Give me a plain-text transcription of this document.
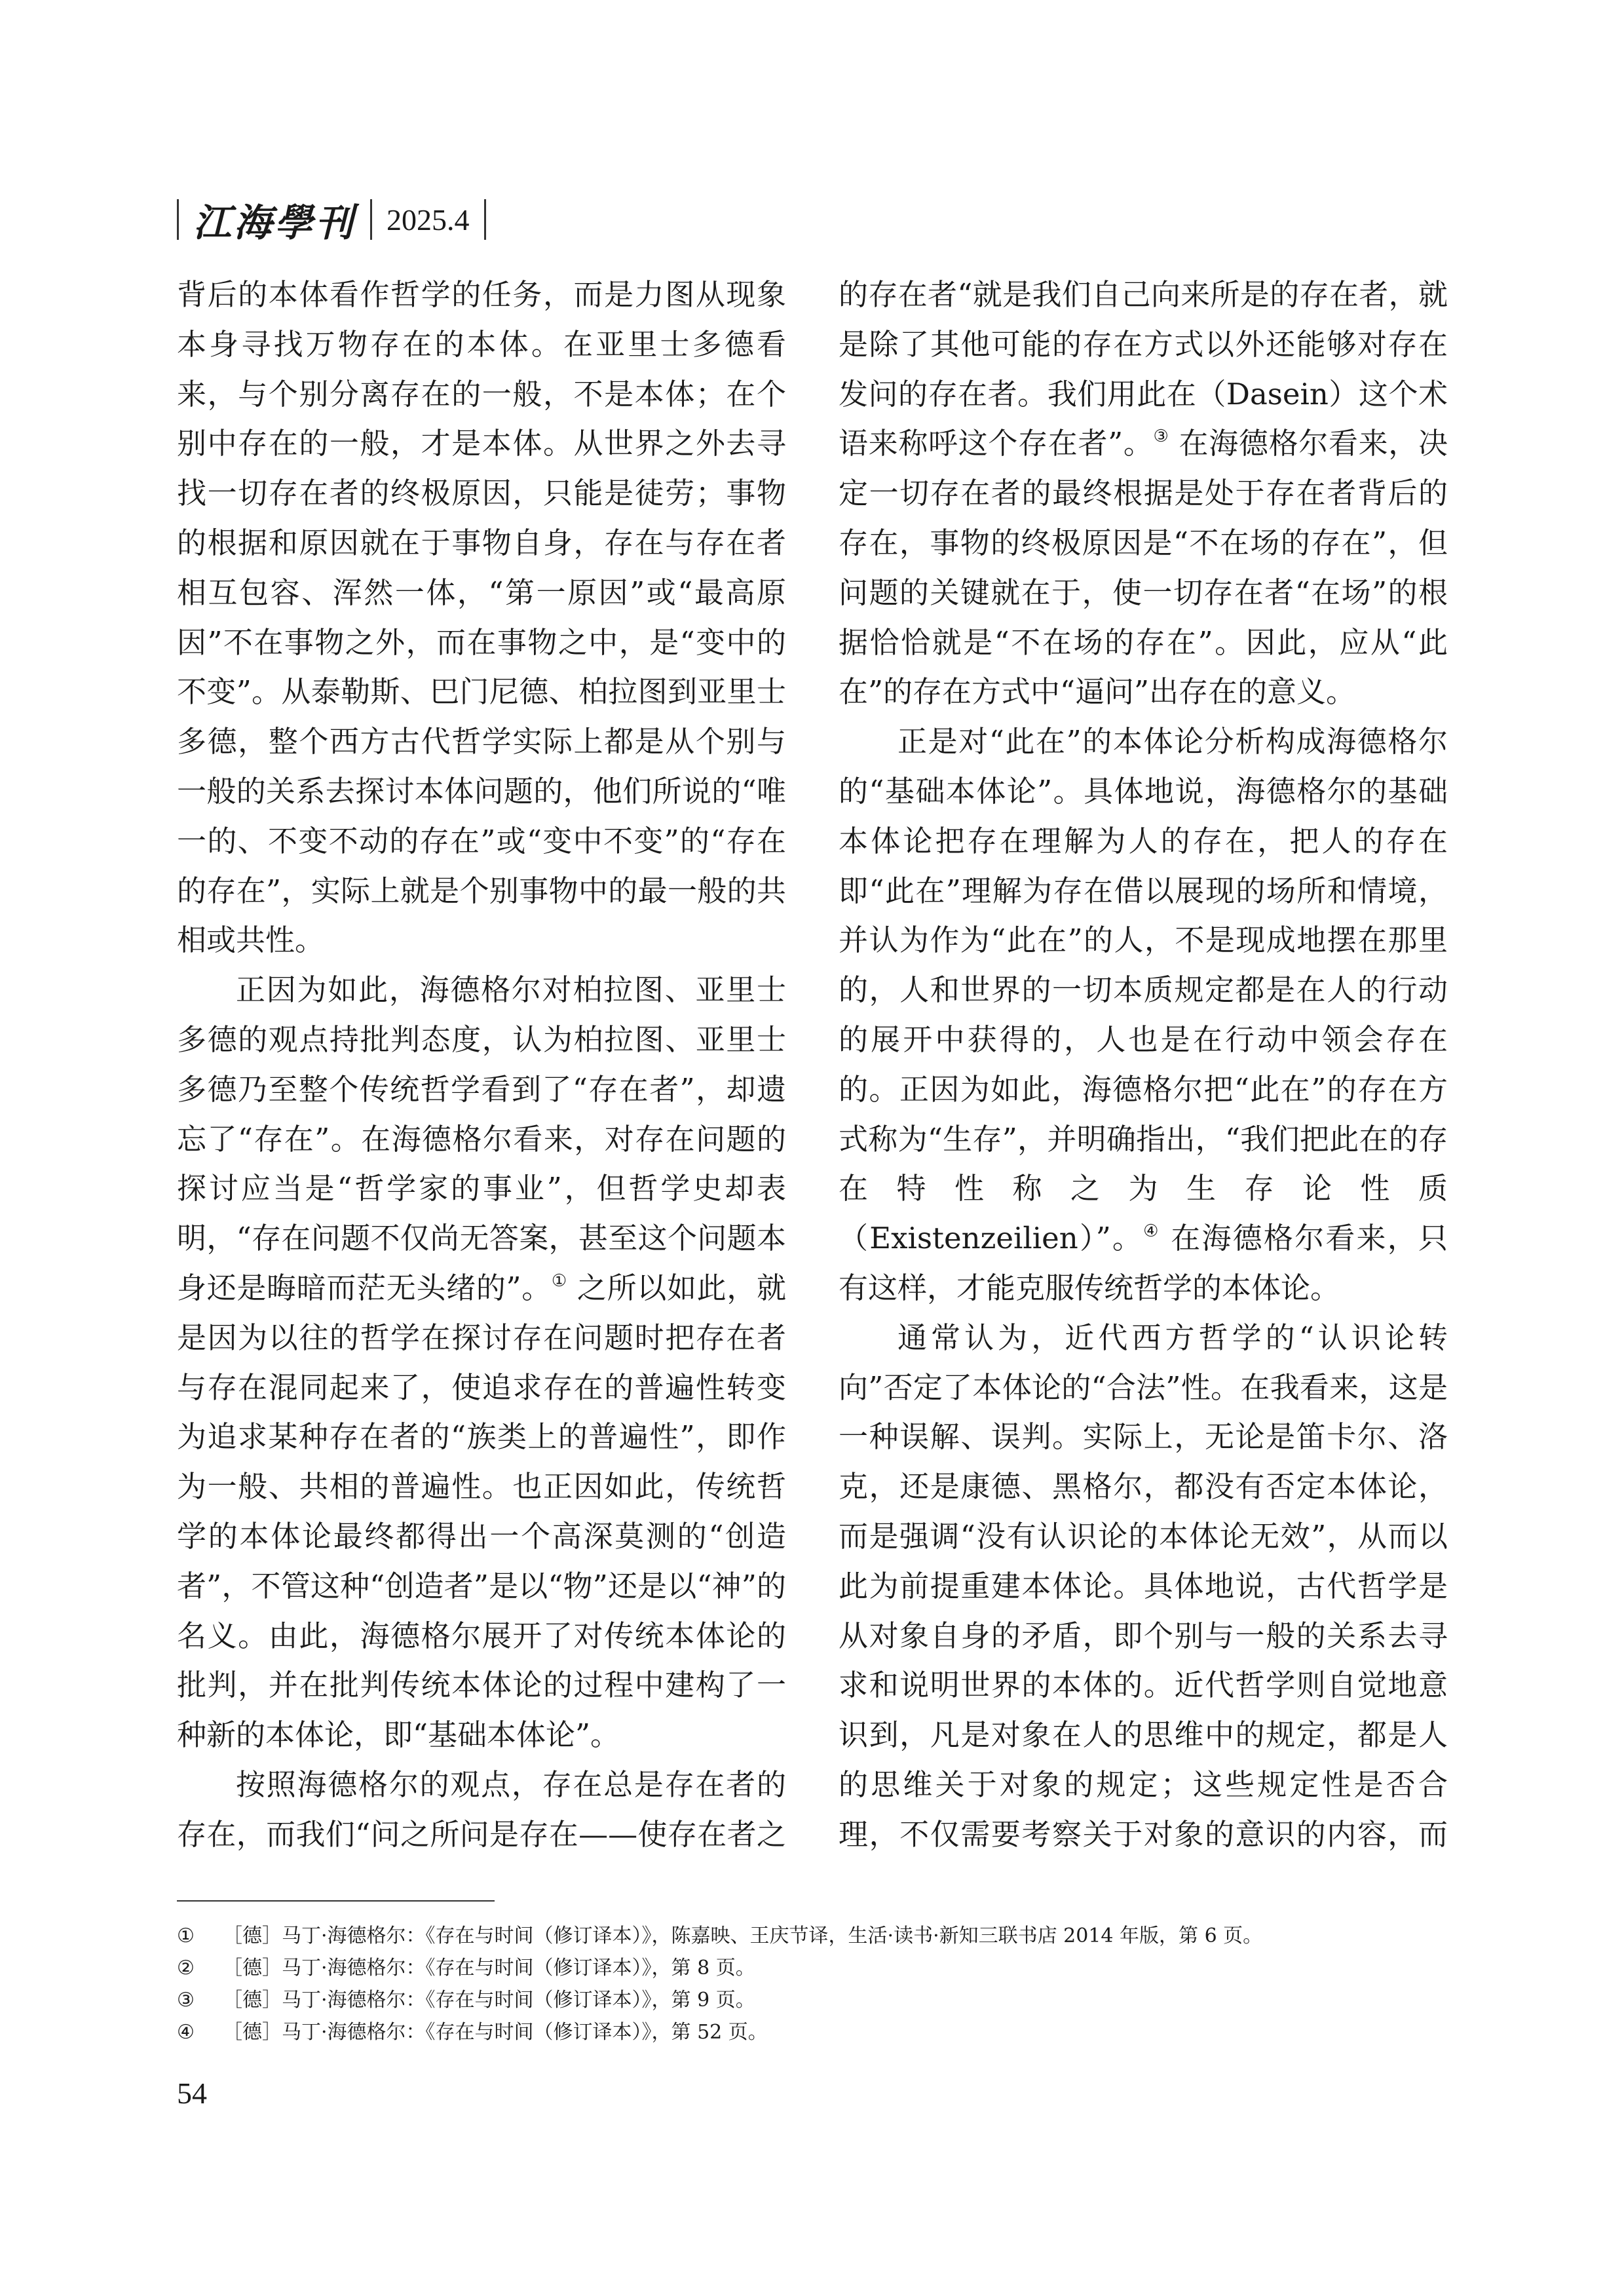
江海學刊 2025.4

背后的本体看作哲学的任务，而是力图从现象本身寻找万物存在的本体。在亚里士多德看来，与个别分离存在的一般，不是本体；在个别中存在的一般，才是本体。从世界之外去寻找一切存在者的终极原因，只能是徒劳；事物的根据和原因就在于事物自身，存在与存在者相互包容、浑然一体，“第一原因”或“最高原因”不在事物之外，而在事物之中，是“变中的不变”。从泰勒斯、巴门尼德、柏拉图到亚里士多德，整个西方古代哲学实际上都是从个别与一般的关系去探讨本体问题的，他们所说的“唯一的、不变不动的存在”或“变中不变”的“存在的存在”，实际上就是个别事物中的最一般的共相或共性。

正因为如此，海德格尔对柏拉图、亚里士多德的观点持批判态度，认为柏拉图、亚里士多德乃至整个传统哲学看到了“存在者”，却遗忘了“存在”。在海德格尔看来，对存在问题的探讨应当是“哲学家的事业”，但哲学史却表明，“存在问题不仅尚无答案，甚至这个问题本身还是晦暗而茫无头绪的”。① 之所以如此，就是因为以往的哲学在探讨存在问题时把存在者与存在混同起来了，使追求存在的普遍性转变为追求某种存在者的“族类上的普遍性”，即作为一般、共相的普遍性。也正因如此，传统哲学的本体论最终都得出一个高深莫测的“创造者”，不管这种“创造者”是以“物”还是以“神”的名义。由此，海德格尔展开了对传统本体论的批判，并在批判传统本体论的过程中建构了一种新的本体论，即“基础本体论”。

按照海德格尔的观点，存在总是存在者的存在，而我们“问之所问是存在——使存在者之

的存在者“就是我们自己向来所是的存在者，就是除了其他可能的存在方式以外还能够对存在发问的存在者。我们用此在（Dasein）这个术语来称呼这个存在者”。③ 在海德格尔看来，决定一切存在者的最终根据是处于存在者背后的存在，事物的终极原因是“不在场的存在”，但问题的关键就在于，使一切存在者“在场”的根据恰恰就是“不在场的存在”。因此，应从“此在”的存在方式中“逼问”出存在的意义。

正是对“此在”的本体论分析构成海德格尔的“基础本体论”。具体地说，海德格尔的基础本体论把存在理解为人的存在，把人的存在即“此在”理解为存在借以展现的场所和情境，并认为作为“此在”的人，不是现成地摆在那里的，人和世界的一切本质规定都是在人的行动的展开中获得的，人也是在行动中领会存在的。正因为如此，海德格尔把“此在”的存在方式称为“生存”，并明确指出，“我们把此在的存在特性称之为生存论性质（Existenzeilien）”。④ 在海德格尔看来，只有这样，才能克服传统哲学的本体论。

通常认为，近代西方哲学的“认识论转向”否定了本体论的“合法”性。在我看来，这是一种误解、误判。实际上，无论是笛卡尔、洛克，还是康德、黑格尔，都没有否定本体论，而是强调“没有认识论的本体论无效”，从而以此为前提重建本体论。具体地说，古代哲学是从对象自身的矛盾，即个别与一般的关系去寻求和说明世界的本体的。近代哲学则自觉地意识到，凡是对象在人的思维中的规定，都是人的思维关于对象的规定；这些规定性是否合理，不仅需要考察关于对象的意识的内容，而

① ［德］马丁·海德格尔：《存在与时间（修订译本）》，陈嘉映、王庆节译，生活·读书·新知三联书店 2014 年版，第 6 页。
② ［德］马丁·海德格尔：《存在与时间（修订译本）》，第 8 页。
③ ［德］马丁·海德格尔：《存在与时间（修订译本）》，第 9 页。
④ ［德］马丁·海德格尔：《存在与时间（修订译本）》，第 52 页。
54
